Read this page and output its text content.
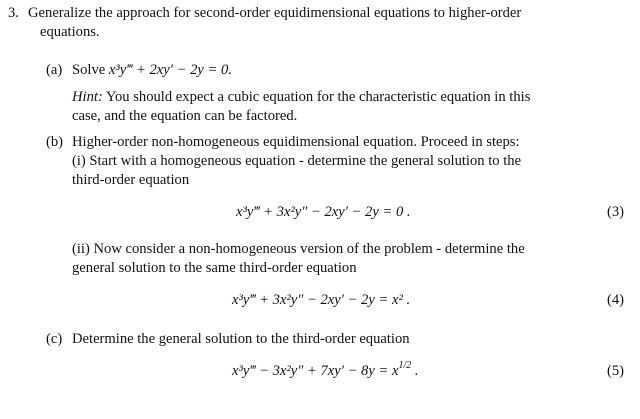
3. Generalize the approach for second-order equidimensional equations to higher-order
equations.
(a) Solve x³y‴ + 2xy′ − 2y = 0.
Hint: You should expect a cubic equation for the characteristic equation in this
case, and the equation can be factored.
(b) Higher-order non-homogeneous equidimensional equation. Proceed in steps:
(i) Start with a homogeneous equation - determine the general solution to the
third-order equation
x³y‴ + 3x²y″ − 2xy′ − 2y = 0 .	(3)
(ii) Now consider a non-homogeneous version of the problem - determine the
general solution to the same third-order equation
x³y‴ + 3x²y″ − 2xy′ − 2y = x² .	(4)
(c) Determine the general solution to the third-order equation
x³y‴ − $3x^2y'' + 7xy' - 8y = x^{1/2}$ .	(5)
